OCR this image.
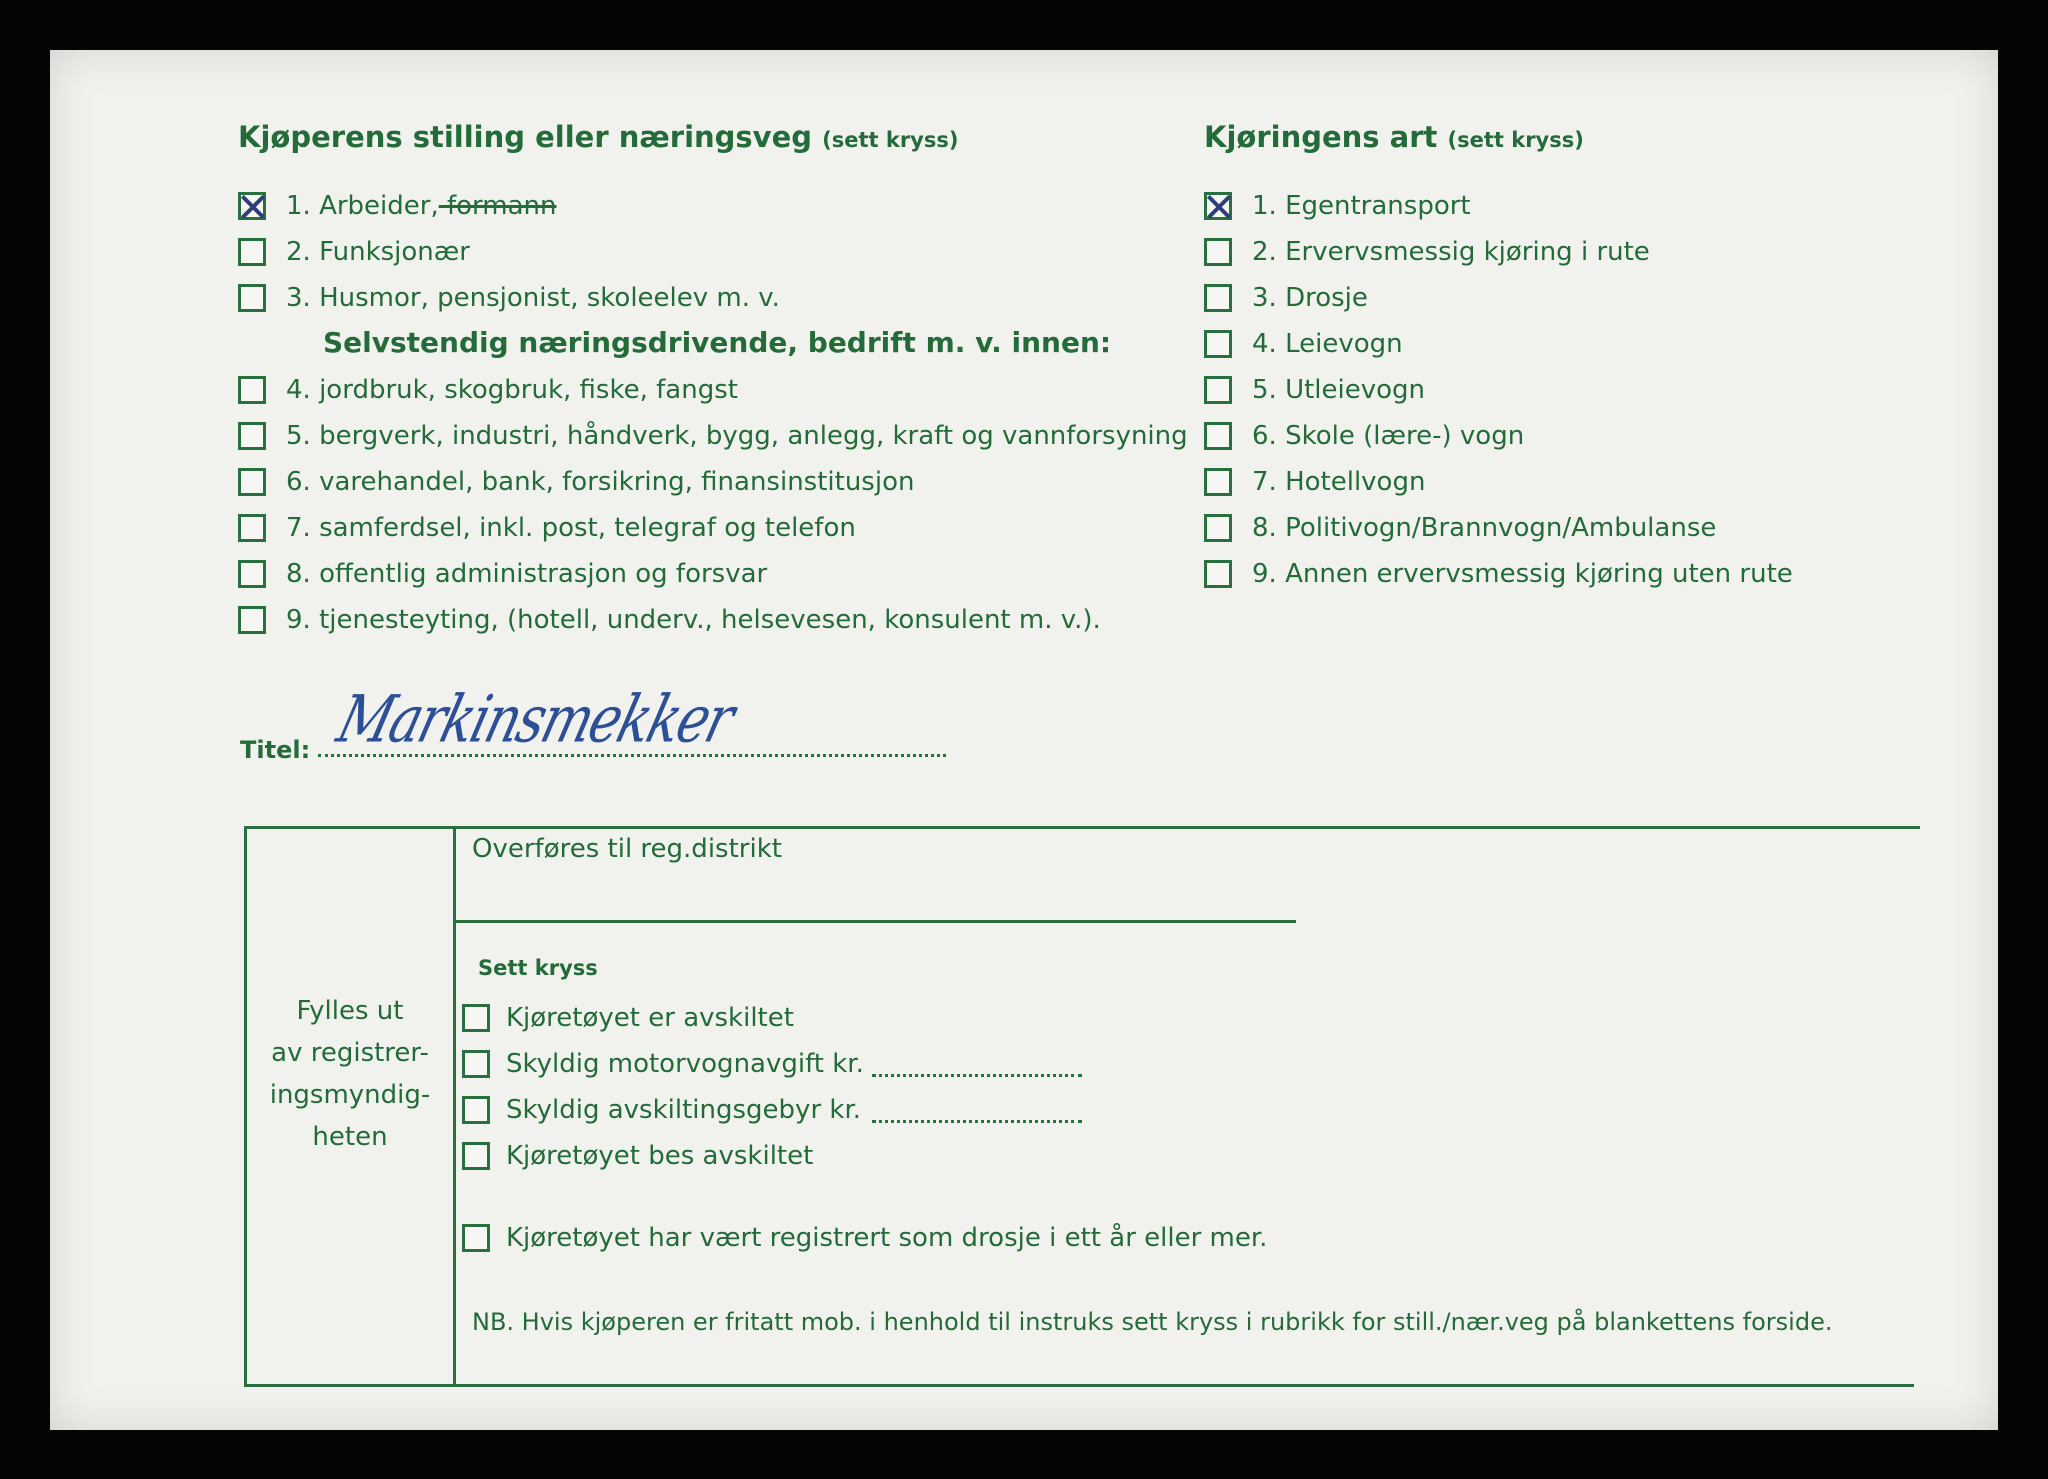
Kjøperens stilling eller næringsveg (sett kryss)
1. Arbeider, formann
2. Funksjonær
3. Husmor, pensjonist, skoleelev m. v.
Selvstendig næringsdrivende, bedrift m. v. innen:
4. jordbruk, skogbruk, fiske, fangst
5. bergverk, industri, håndverk, bygg, anlegg, kraft og vannforsyning
6. varehandel, bank, forsikring, finansinstitusjon
7. samferdsel, inkl. post, telegraf og telefon
8. offentlig administrasjon og forsvar
9. tjenesteyting, (hotell, underv., helsevesen, konsulent m. v.).
Kjøringens art (sett kryss)
1. Egentransport
2. Ervervsmessig kjøring i rute
3. Drosje
4. Leievogn
5. Utleievogn
6. Skole (lære-) vogn
7. Hotellvogn
8. Politivogn/Brannvogn/Ambulanse
9. Annen ervervsmessig kjøring uten rute
Titel: Markinsmekker
Fylles ut
av registrer-
ingsmyndig-
heten
Overføres til reg.distrikt
Sett kryss
Kjøretøyet er avskiltet
Skyldig motorvognavgift kr.
Skyldig avskiltingsgebyr kr.
Kjøretøyet bes avskiltet
Kjøretøyet har vært registrert som drosje i ett år eller mer.
NB. Hvis kjøperen er fritatt mob. i henhold til instruks sett kryss i rubrikk for still./nær.veg på blankettens forside.
